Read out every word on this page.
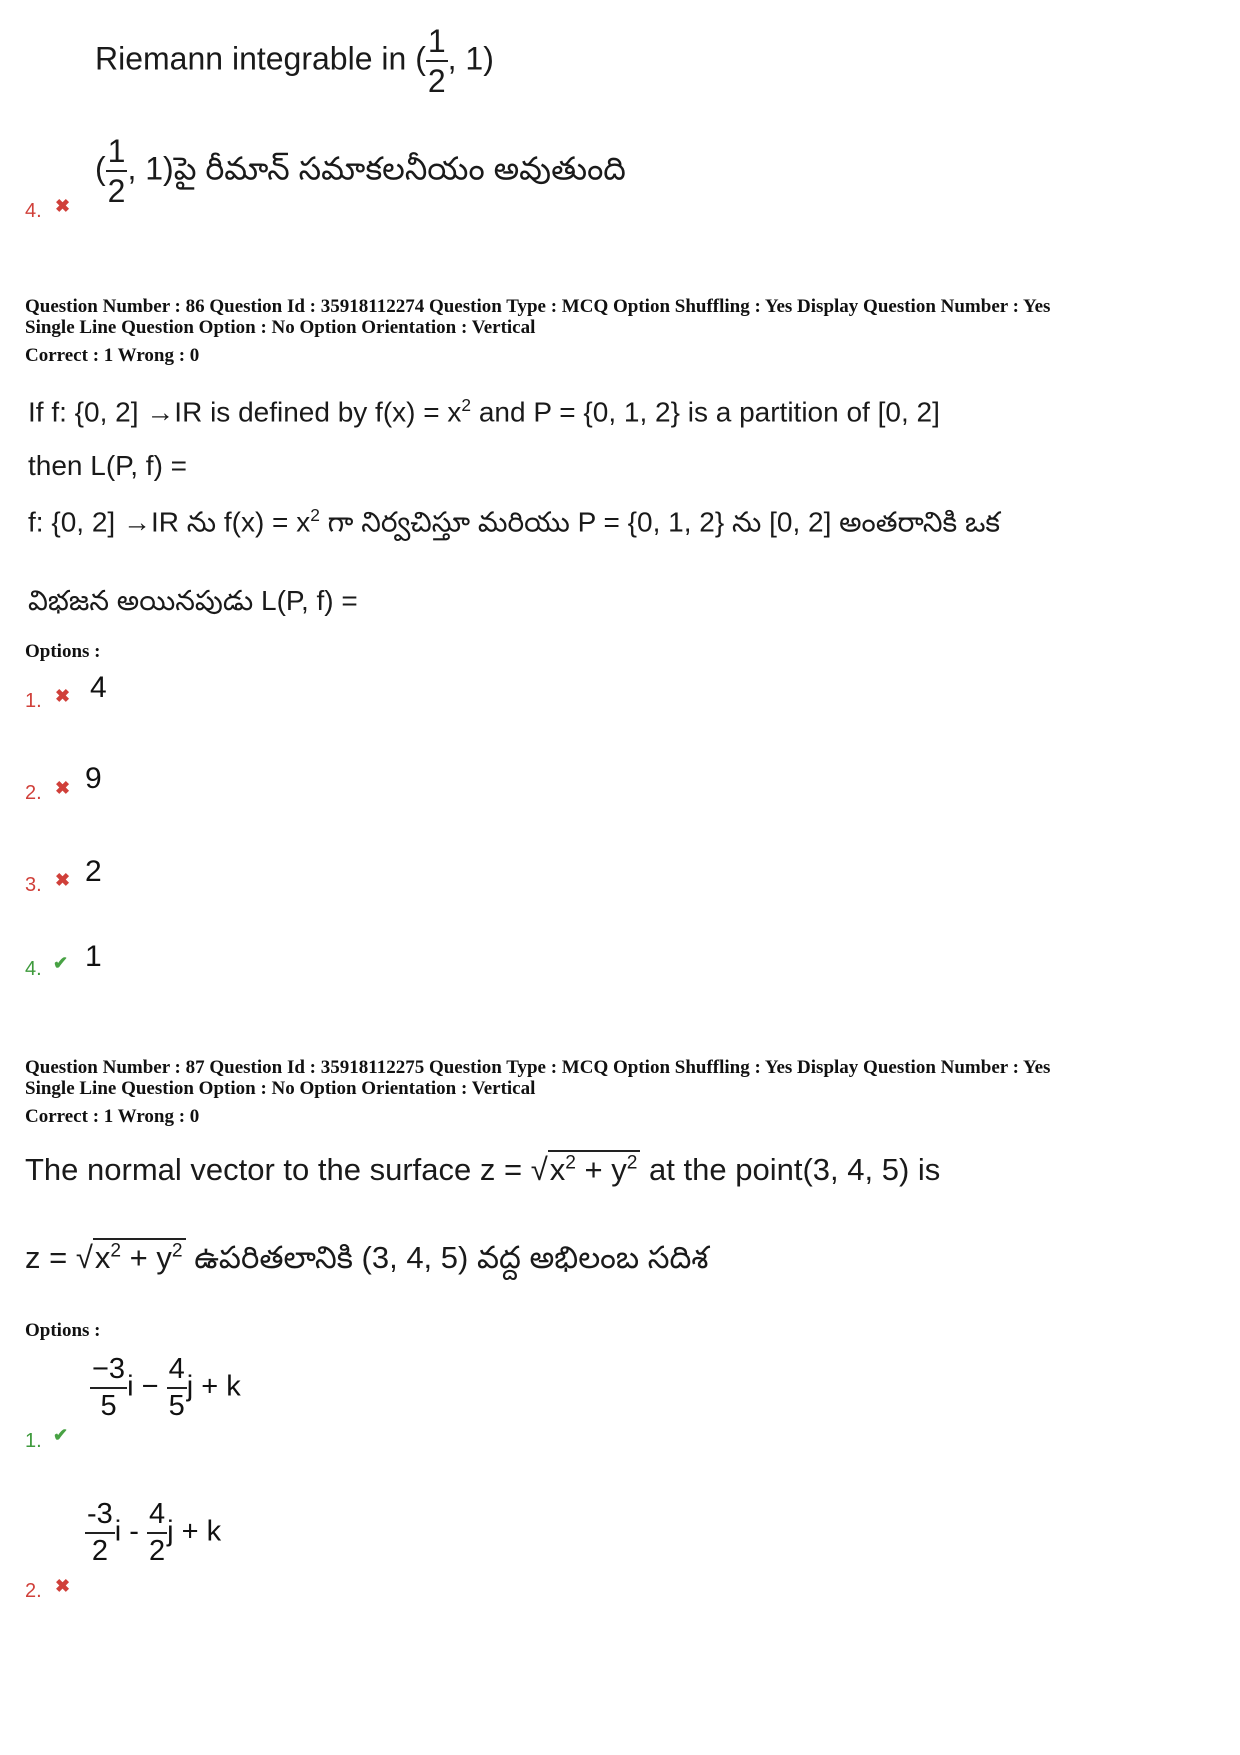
Riemann integrable in ( $\frac{1}{2}$ , 1)
( $\frac{1}{2}$ , 1)పై రీమాన్ సమాకలనీయం అవుతుంది
4. ✖
Question Number : 86 Question Id : 35918112274 Question Type : MCQ Option Shuffling : Yes Display Question Number : Yes
Single Line Question Option : No Option Orientation : Vertical
Correct : 1 Wrong : 0
If f: {0, 2] →IR is defined by $f(x) = x^2$ and P = {0, 1, 2} is a partition of [0, 2]
then L(P, f) =
f: {0, 2] →IR ను $f(x) = x^2$ గా నిర్వచిస్తూ మరియు P = {0, 1, 2} ను [0, 2] అంతరానికి ఒక
విభజన అయినపుడు L(P, f) =
Options :
1. ✖ 4
2. ✖ 9
3. ✖ 2
4. ✔ 1
Question Number : 87 Question Id : 35918112275 Question Type : MCQ Option Shuffling : Yes Display Question Number : Yes
Single Line Question Option : No Option Orientation : Vertical
Correct : 1 Wrong : 0
The normal vector to the surface $z = √x^2 + y^2$ at the point(3, 4, 5) is
$z = √x^2 + y^2$ ఉపరితలానికి (3, 4, 5) వద్ద అభిలంబ సదిశ
Options :
1. ✔
$\frac{-3}{5}$ $i - \frac{4}{5}$ j + k
2. ✖
$\frac{-3}{2}$ i - $\frac{4}{2}$ j + k
